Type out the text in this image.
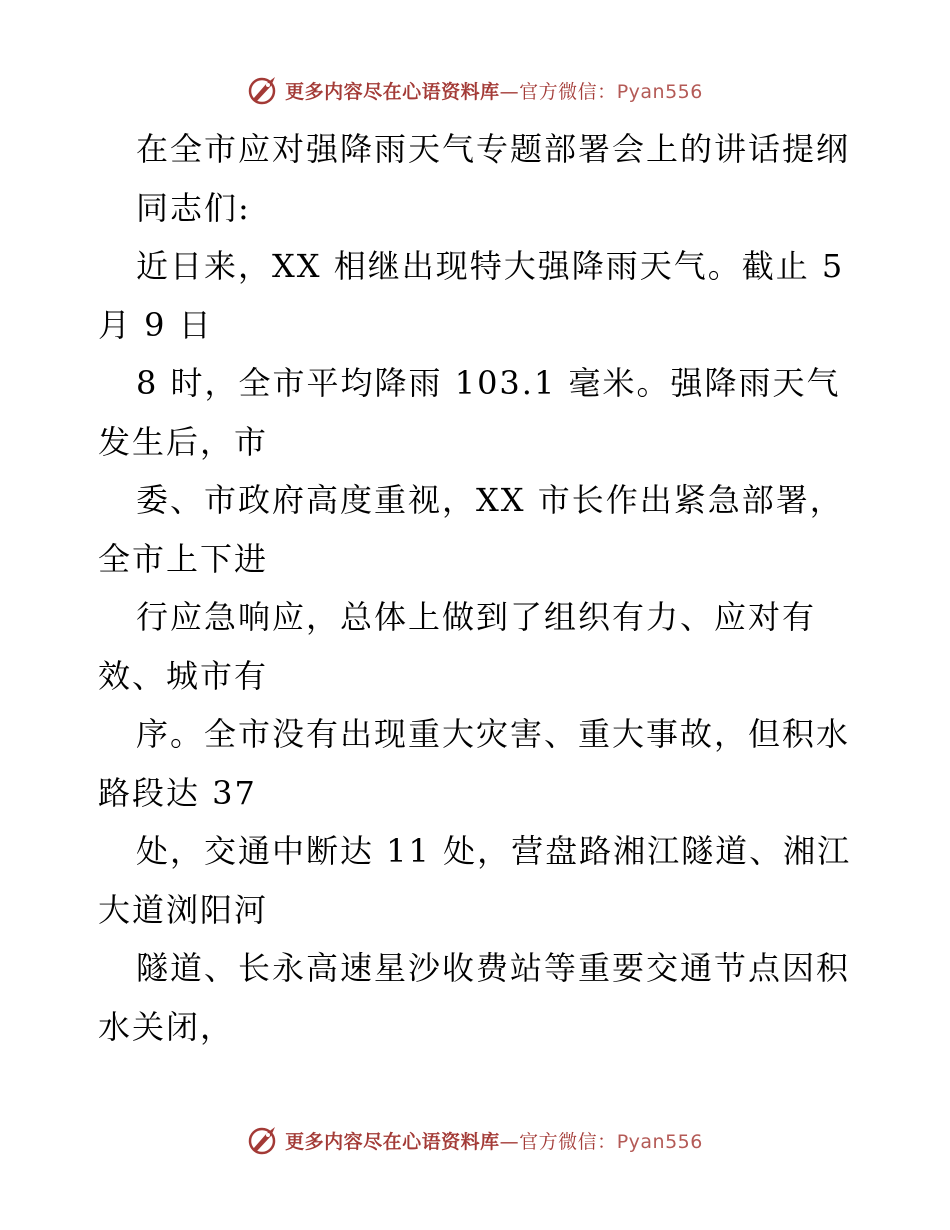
更多内容尽在心语资料库—官方微信：Pyan556
在全市应对强降雨天气专题部署会上的讲话提纲
同志们:
近日来，XX 相继出现特大强降雨天气。截止 5
月 9 日
8 时，全市平均降雨 103.1 毫米。强降雨天气
发生后，市
委、市政府高度重视，XX 市长作出紧急部署，
全市上下进
行应急响应，总体上做到了组织有力、应对有
效、城市有
序。全市没有出现重大灾害、重大事故，但积水
路段达 37
处，交通中断达 11 处，营盘路湘江隧道、湘江
大道浏阳河
隧道、长永高速星沙收费站等重要交通节点因积
水关闭，
更多内容尽在心语资料库—官方微信：Pyan556
